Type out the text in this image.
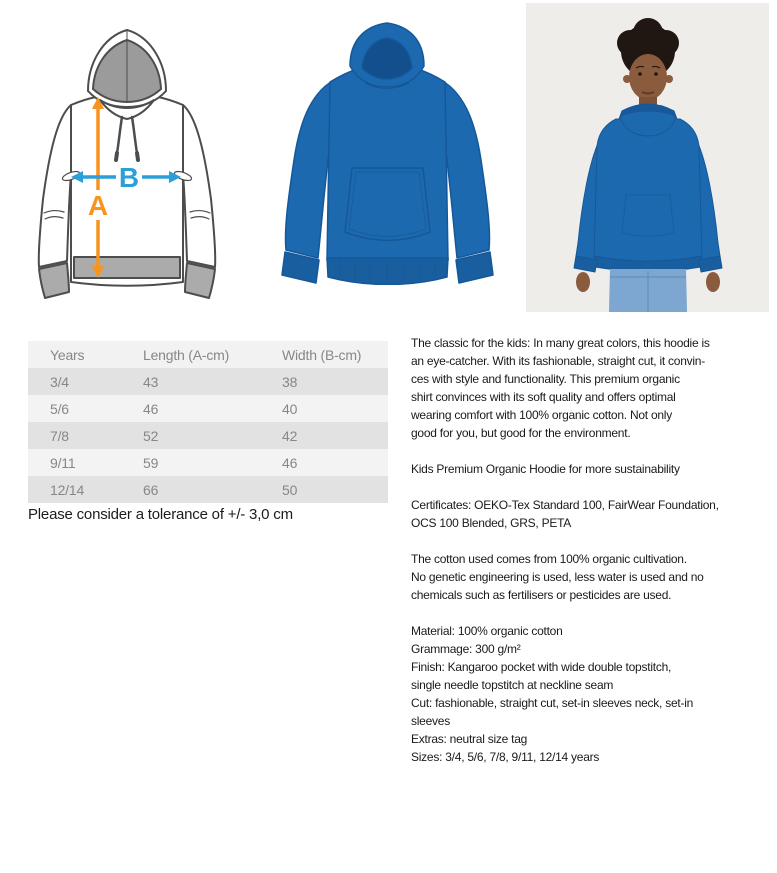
A
B
Years	Length (A-cm)	Width (B-cm)
3/4	43	38
5/6	46	40
7/8	52	42
9/11	59	46
12/14	66	50
Please consider a tolerance of +/- 3,0 cm

The classic for the kids: In many great colors, this hoodie is
an eye-catcher. With its fashionable, straight cut, it convin-
ces with style and functionality. This premium organic
shirt convinces with its soft quality and offers optimal
wearing comfort with 100% organic cotton. Not only
good for you, but good for the environment.

Kids Premium Organic Hoodie for more sustainability

Certificates: OEKO-Tex Standard 100, FairWear Foundation,
OCS 100 Blended, GRS, PETA

The cotton used comes from 100% organic cultivation.
No genetic engineering is used, less water is used and no
chemicals such as fertilisers or pesticides are used.

Material: 100% organic cotton
Grammage: 300 g/m²
Finish: Kangaroo pocket with wide double topstitch,
single needle topstitch at neckline seam
Cut: fashionable, straight cut, set-in sleeves neck, set-in
sleeves
Extras: neutral size tag
Sizes: 3/4, 5/6, 7/8, 9/11, 12/14 years
